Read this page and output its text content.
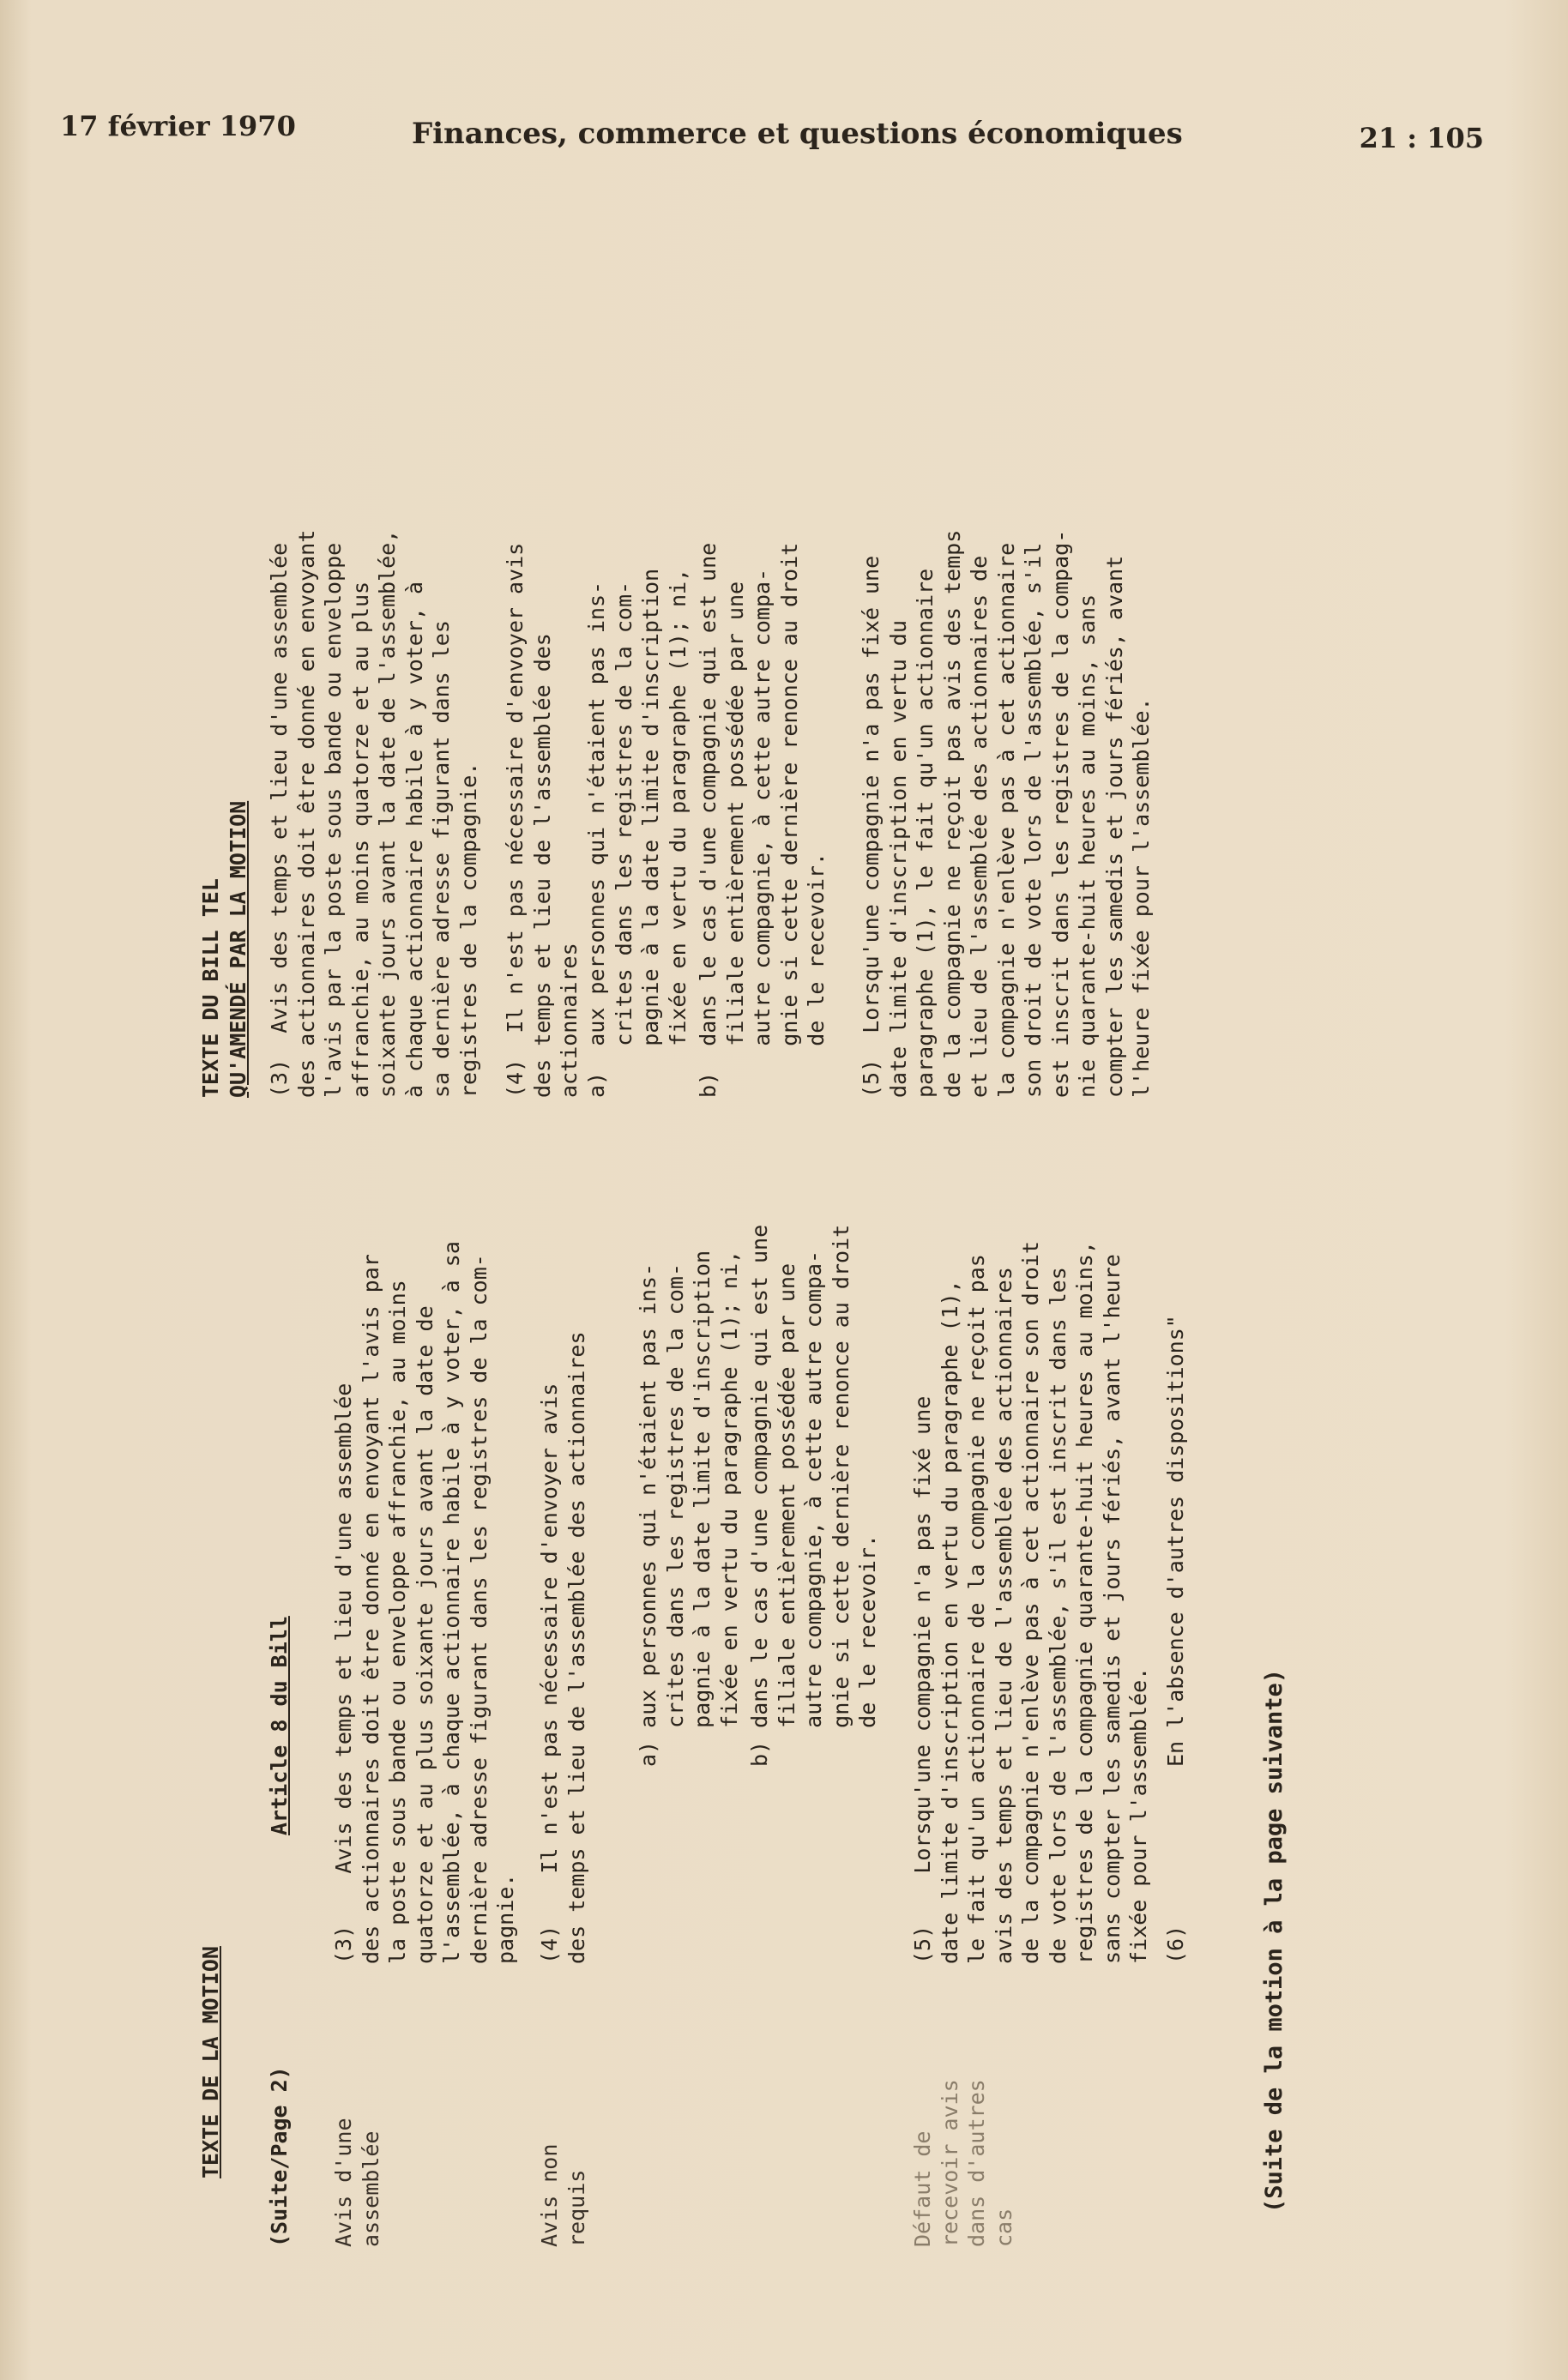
17 février 1970	Finances, commerce et questions économiques	21 : 105
TEXTE DE LA MOTION (Suite/Page 2)
Article 8 du Bill
Avis d'une assemblée
(3)    Avis des temps et lieu d'une assemblée des actionnaires doit être donné en envoyant l'avis par la poste sous bande ou enveloppe affranchie, au moins quatorze et au plus soixante jours avant la date de l'assemblée, à chaque actionnaire habile à y voter, à sa dernière adresse figurant dans les registres de la com- pagnie.
Avis non requis
(4)    Il n'est pas nécessaire d'envoyer avis des temps et lieu de l'assemblée des actionnaires a) aux personnes qui n'étaient pas ins- crites dans les registres de la com- pagnie à la date limite d'inscription fixée en vertu du paragraphe (1); ni, b) dans le cas d'une compagnie qui est une filiale entièrement possédée par une autre compagnie, à cette autre compa- gnie si cette dernière renonce au droit de le recevoir.
Défaut de recevoir avis dans d'autres cas
(5)    Lorsqu'une compagnie n'a pas fixé une date limite d'inscription en vertu du paragraphe (1), le fait qu'un actionnaire de la compagnie ne reçoit pas avis des temps et lieu de l'assemblée des actionnaires de la compagnie n'enlève pas à cet actionnaire son droit de vote lors de l'assemblée, s'il est inscrit dans les registres de la compagnie quarante-huit heures au moins, sans compter les samedis et jours fériés, avant l'heure fixée pour l'assemblée. (6)
En l'absence d'autres dispositions"
(Suite de la motion à la page suivante)
TEXTE DU BILL TEL QU'AMENDÉ PAR LA MOTION (3)  Avis des temps et lieu d'une assemblée des actionnaires doit être donné en envoyant l'avis par la poste sous bande ou enveloppe affranchie, au moins quatorze et au plus soixante jours avant la date de l'assemblée, à chaque actionnaire habile à y voter, à sa dernière adresse figurant dans les registres de la compagnie. (4)  Il n'est pas nécessaire d'envoyer avis des temps et lieu de l'assemblée des actionnaires a)  aux personnes qui n'étaient pas ins- crites dans les registres de la com- pagnie à la date limite d'inscription fixée en vertu du paragraphe (1); ni, b)  dans le cas d'une compagnie qui est une filiale entièrement possédée par une autre compagnie, à cette autre compa- gnie si cette dernière renonce au droit de le recevoir. (5)  Lorsqu'une compagnie n'a pas fixé une date limite d'inscription en vertu du paragraphe (1), le fait qu'un actionnaire de la compagnie ne reçoit pas avis des temps et lieu de l'assemblée des actionnaires de la compagnie n'enlève pas à cet actionnaire son droit de vote lors de l'assemblée, s'il est inscrit dans les registres de la compag- nie quarante-huit heures au moins, sans compter les samedis et jours fériés, avant l'heure fixée pour l'assemblée.
